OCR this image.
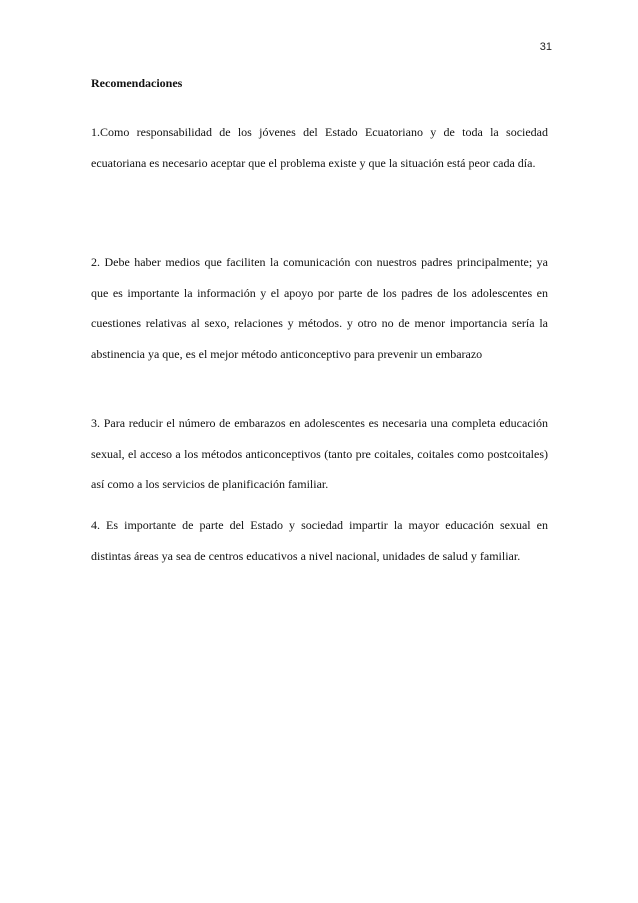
31
Recomendaciones

1.Como responsabilidad de los jóvenes del Estado Ecuatoriano y de toda la sociedad ecuatoriana es necesario aceptar que el problema existe y que la situación está peor cada día.

2. Debe haber medios que faciliten la comunicación con nuestros padres principalmente; ya que es importante la información y el apoyo por parte de los padres de los adolescentes en cuestiones relativas al sexo, relaciones y métodos. y otro no de menor importancia sería la abstinencia ya que, es el mejor método anticonceptivo para prevenir un embarazo

3. Para reducir el número de embarazos en adolescentes es necesaria una completa educación sexual, el acceso a los métodos anticonceptivos (tanto pre coitales, coitales como postcoitales) así como a los servicios de planificación familiar.

4. Es importante de parte del Estado y sociedad impartir la mayor educación sexual en distintas áreas ya sea de centros educativos a nivel nacional, unidades de salud y familiar.
